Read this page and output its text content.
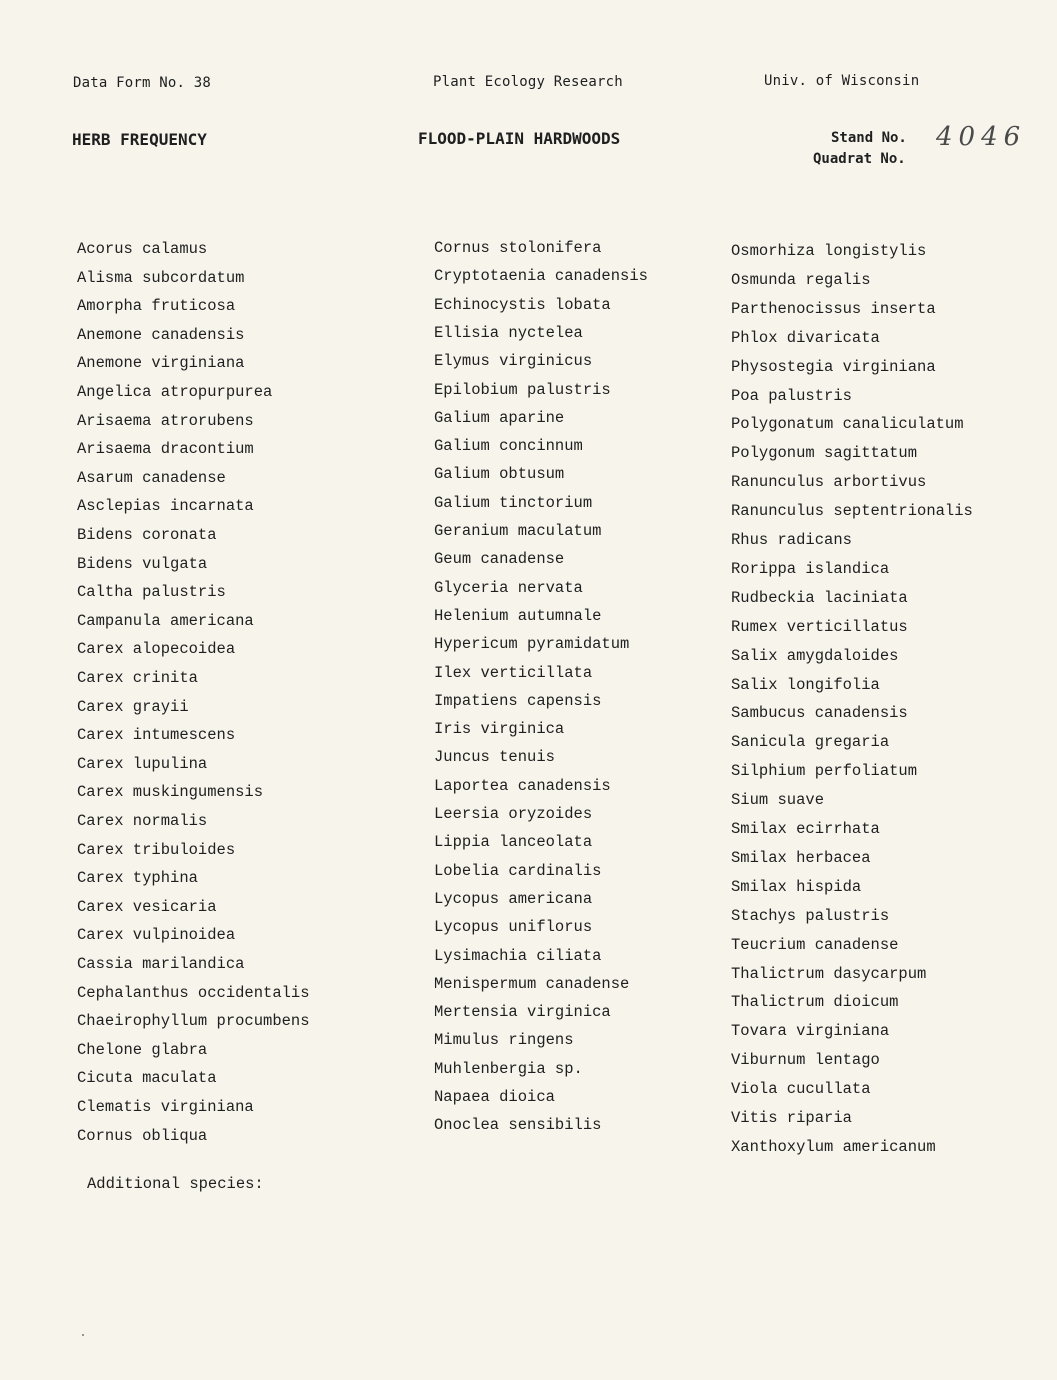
Data Form No. 38	Plant Ecology Research	Univ. of Wisconsin
HERB FREQUENCY	FLOOD-PLAIN HARDWOODS	Stand No.
Quadrat No.
4046
Acorus calamus
Alisma subcordatum
Amorpha fruticosa
Anemone canadensis
Anemone virginiana
Angelica atropurpurea
Arisaema atrorubens
Arisaema dracontium
Asarum canadense
Asclepias incarnata
Bidens coronata
Bidens vulgata
Caltha palustris
Campanula americana
Carex alopecoidea
Carex crinita
Carex grayii
Carex intumescens
Carex lupulina
Carex muskingumensis
Carex normalis
Carex tribuloides
Carex typhina
Carex vesicaria
Carex vulpinoidea
Cassia marilandica
Cephalanthus occidentalis
Chaeirophyllum procumbens
Chelone glabra
Cicuta maculata
Clematis virginiana
Cornus obliqua
Cornus stolonifera
Cryptotaenia canadensis
Echinocystis lobata
Ellisia nyctelea
Elymus virginicus
Epilobium palustris
Galium aparine
Galium concinnum
Galium obtusum
Galium tinctorium
Geranium maculatum
Geum canadense
Glyceria nervata
Helenium autumnale
Hypericum pyramidatum
Ilex verticillata
Impatiens capensis
Iris virginica
Juncus tenuis
Laportea canadensis
Leersia oryzoides
Lippia lanceolata
Lobelia cardinalis
Lycopus americana
Lycopus uniflorus
Lysimachia ciliata
Menispermum canadense
Mertensia virginica
Mimulus ringens
Muhlenbergia sp.
Napaea dioica
Onoclea sensibilis
Osmorhiza longistylis
Osmunda regalis
Parthenocissus inserta
Phlox divaricata
Physostegia virginiana
Poa palustris
Polygonatum canaliculatum
Polygonum sagittatum
Ranunculus arbortivus
Ranunculus septentrionalis
Rhus radicans
Rorippa islandica
Rudbeckia laciniata
Rumex verticillatus
Salix amygdaloides
Salix longifolia
Sambucus canadensis
Sanicula gregaria
Silphium perfoliatum
Sium suave
Smilax ecirrhata
Smilax herbacea
Smilax hispida
Stachys palustris
Teucrium canadense
Thalictrum dasycarpum
Thalictrum dioicum
Tovara virginiana
Viburnum lentago
Viola cucullata
Vitis riparia
Xanthoxylum americanum
Additional species:
